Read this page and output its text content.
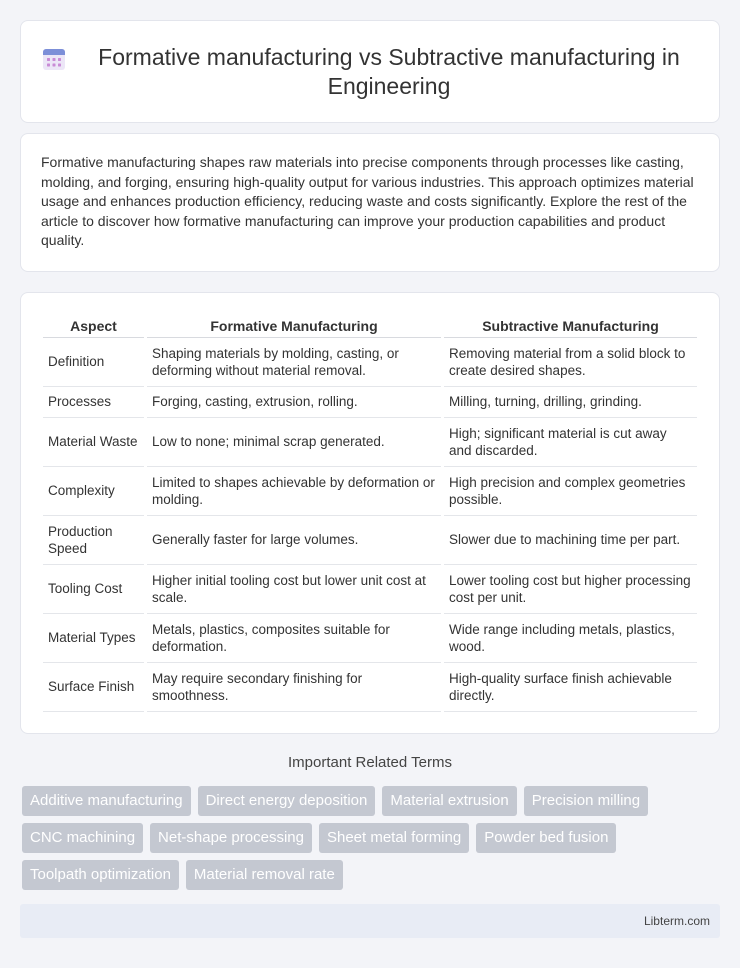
Formative manufacturing vs Subtractive manufacturing in Engineering

Formative manufacturing shapes raw materials into precise components through processes like casting, molding, and forging, ensuring high-quality output for various industries. This approach optimizes material usage and enhances production efficiency, reducing waste and costs significantly. Explore the rest of the article to discover how formative manufacturing can improve your production capabilities and product quality.

Aspect	Formative Manufacturing	Subtractive Manufacturing
Definition	Shaping materials by molding, casting, or deforming without material removal.	Removing material from a solid block to create desired shapes.
Processes	Forging, casting, extrusion, rolling.	Milling, turning, drilling, grinding.
Material Waste	Low to none; minimal scrap generated.	High; significant material is cut away and discarded.
Complexity	Limited to shapes achievable by deformation or molding.	High precision and complex geometries possible.
Production Speed	Generally faster for large volumes.	Slower due to machining time per part.
Tooling Cost	Higher initial tooling cost but lower unit cost at scale.	Lower tooling cost but higher processing cost per unit.
Material Types	Metals, plastics, composites suitable for deformation.	Wide range including metals, plastics, wood.
Surface Finish	May require secondary finishing for smoothness.	High-quality surface finish achievable directly.
Important Related Terms
Additive manufacturing	Direct energy deposition	Material extrusion	Precision milling
CNC machining	Net-shape processing	Sheet metal forming	Powder bed fusion
Toolpath optimization	Material removal rate
Libterm.com
